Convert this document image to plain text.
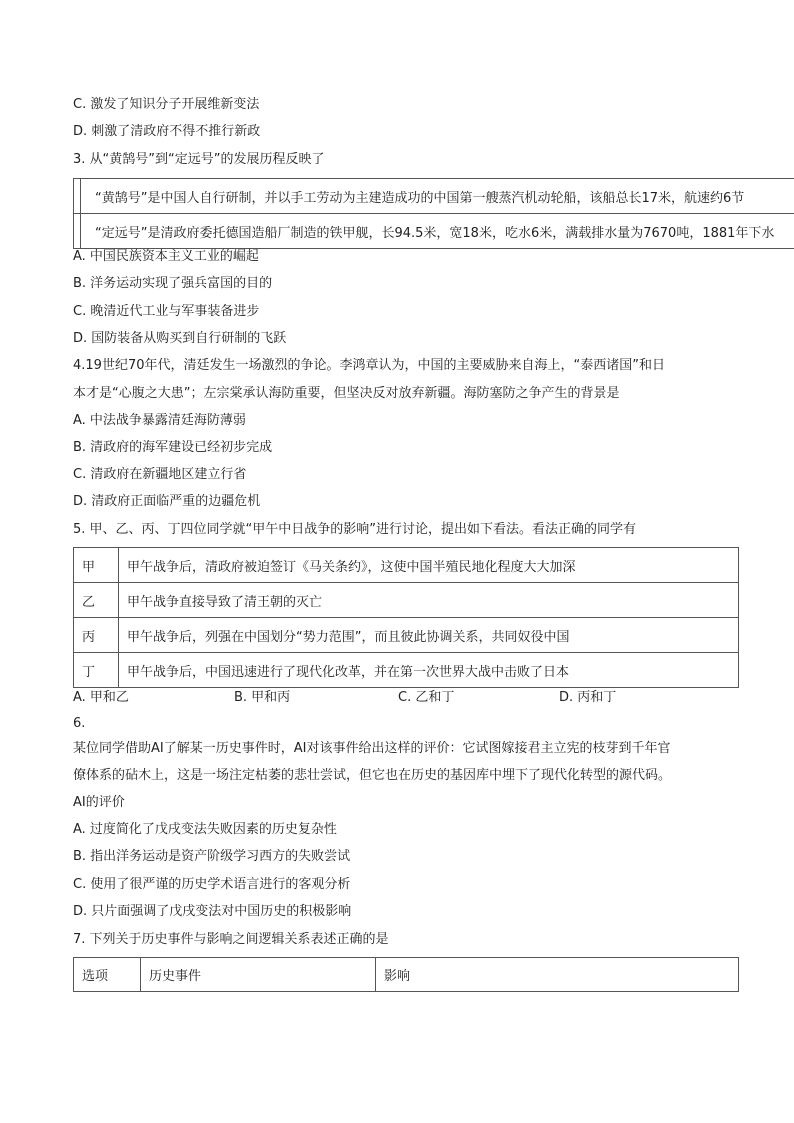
C. 激发了知识分子开展维新变法
D. 刺激了清政府不得不推行新政
3. 从“黄鹄号”到“定远号”的发展历程反映了
	“黄鹄号”是中国人自行研制，并以手工劳动为主建造成功的中国第一艘蒸汽机动轮船，该船总长17米，航速约6节
	“定远号”是清政府委托德国造船厂制造的铁甲舰，长94.5米，宽18米，吃水6米，满载排水量为7670吨，1881年下水
A. 中国民族资本主义工业的崛起
B. 洋务运动实现了强兵富国的目的
C. 晚清近代工业与军事装备进步
D. 国防装备从购买到自行研制的飞跃
4.19世纪70年代，清廷发生一场激烈的争论。李鸿章认为，中国的主要威胁来自海上，“泰西诸国”和日
本才是“心腹之大患”；左宗棠承认海防重要，但坚决反对放弃新疆。海防塞防之争产生的背景是
A. 中法战争暴露清廷海防薄弱
B. 清政府的海军建设已经初步完成
C. 清政府在新疆地区建立行省
D. 清政府正面临严重的边疆危机
5. 甲、乙、丙、丁四位同学就“甲午中日战争的影响”进行讨论，提出如下看法。看法正确的同学有
甲	甲午战争后，清政府被迫签订《马关条约》，这使中国半殖民地化程度大大加深
乙	甲午战争直接导致了清王朝的灭亡
丙	甲午战争后，列强在中国划分“势力范围”，而且彼此协调关系，共同奴役中国
丁	甲午战争后，中国迅速进行了现代化改革，并在第一次世界大战中击败了日本
A. 甲和乙	B. 甲和丙	C. 乙和丁	D. 丙和丁
6.
某位同学借助AI了解某一历史事件时，AI对该事件给出这样的评价：它试图嫁接君主立宪的枝芽到千年官
僚体系的砧木上，这是一场注定枯萎的悲壮尝试，但它也在历史的基因库中埋下了现代化转型的源代码。
AI的评价
A. 过度简化了戊戌变法失败因素的历史复杂性
B. 指出洋务运动是资产阶级学习西方的失败尝试
C. 使用了很严谨的历史学术语言进行的客观分析
D. 只片面强调了戊戌变法对中国历史的积极影响
7. 下列关于历史事件与影响之间逻辑关系表述正确的是
选项	历史事件	影响
